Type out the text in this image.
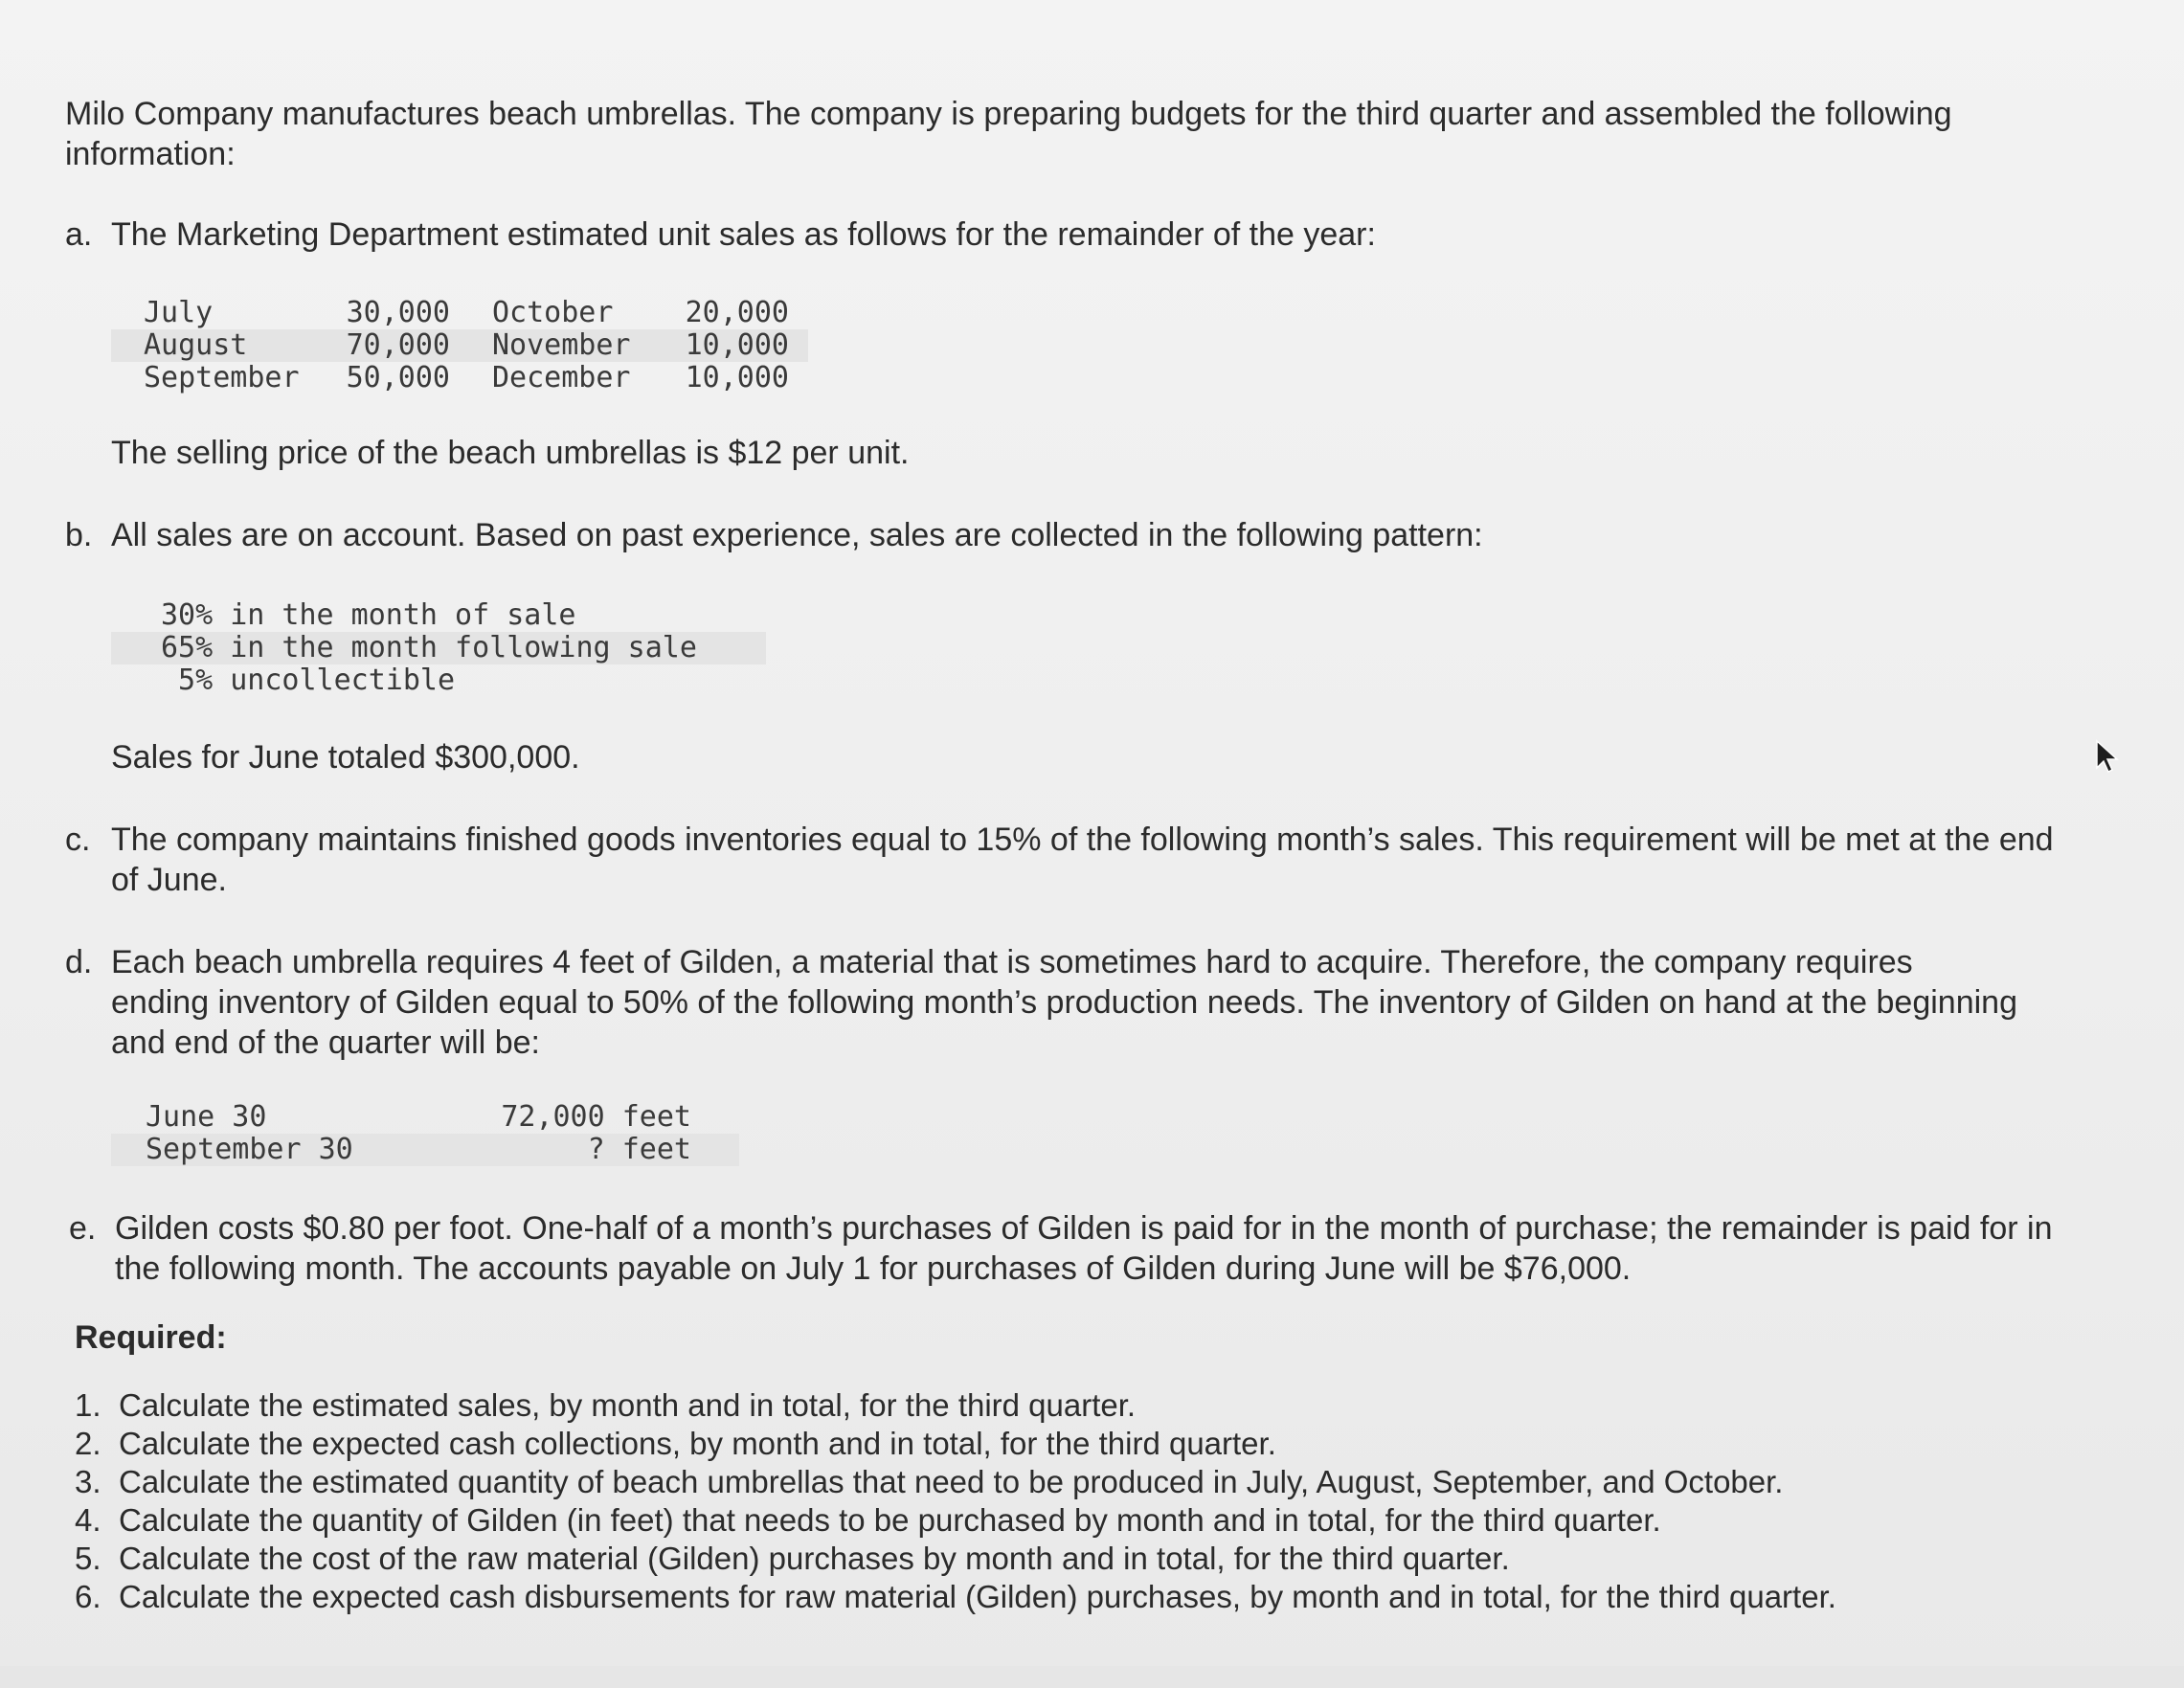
Milo Company manufactures beach umbrellas. The company is preparing budgets for the third quarter and assembled the following information:
a. The Marketing Department estimated unit sales as follows for the remainder of the year:
July	30,000	October	20,000
August	70,000	November	10,000
September	50,000	December	10,000
The selling price of the beach umbrellas is $12 per unit.
b. All sales are on account. Based on past experience, sales are collected in the following pattern:
30% in the month of sale
65% in the month following sale
5% uncollectible
Sales for June totaled $300,000.
c. The company maintains finished goods inventories equal to 15% of the following month’s sales. This requirement will be met at the end of June.
d. Each beach umbrella requires 4 feet of Gilden, a material that is sometimes hard to acquire. Therefore, the company requires ending inventory of Gilden equal to 50% of the following month’s production needs. The inventory of Gilden on hand at the beginning and end of the quarter will be:
June 30	72,000 feet
September 30	? feet
e. Gilden costs $0.80 per foot. One-half of a month’s purchases of Gilden is paid for in the month of purchase; the remainder is paid for in the following month. The accounts payable on July 1 for purchases of Gilden during June will be $76,000.
Required:
1. Calculate the estimated sales, by month and in total, for the third quarter.
2. Calculate the expected cash collections, by month and in total, for the third quarter.
3. Calculate the estimated quantity of beach umbrellas that need to be produced in July, August, September, and October.
4. Calculate the quantity of Gilden (in feet) that needs to be purchased by month and in total, for the third quarter.
5. Calculate the cost of the raw material (Gilden) purchases by month and in total, for the third quarter.
6. Calculate the expected cash disbursements for raw material (Gilden) purchases, by month and in total, for the third quarter.
